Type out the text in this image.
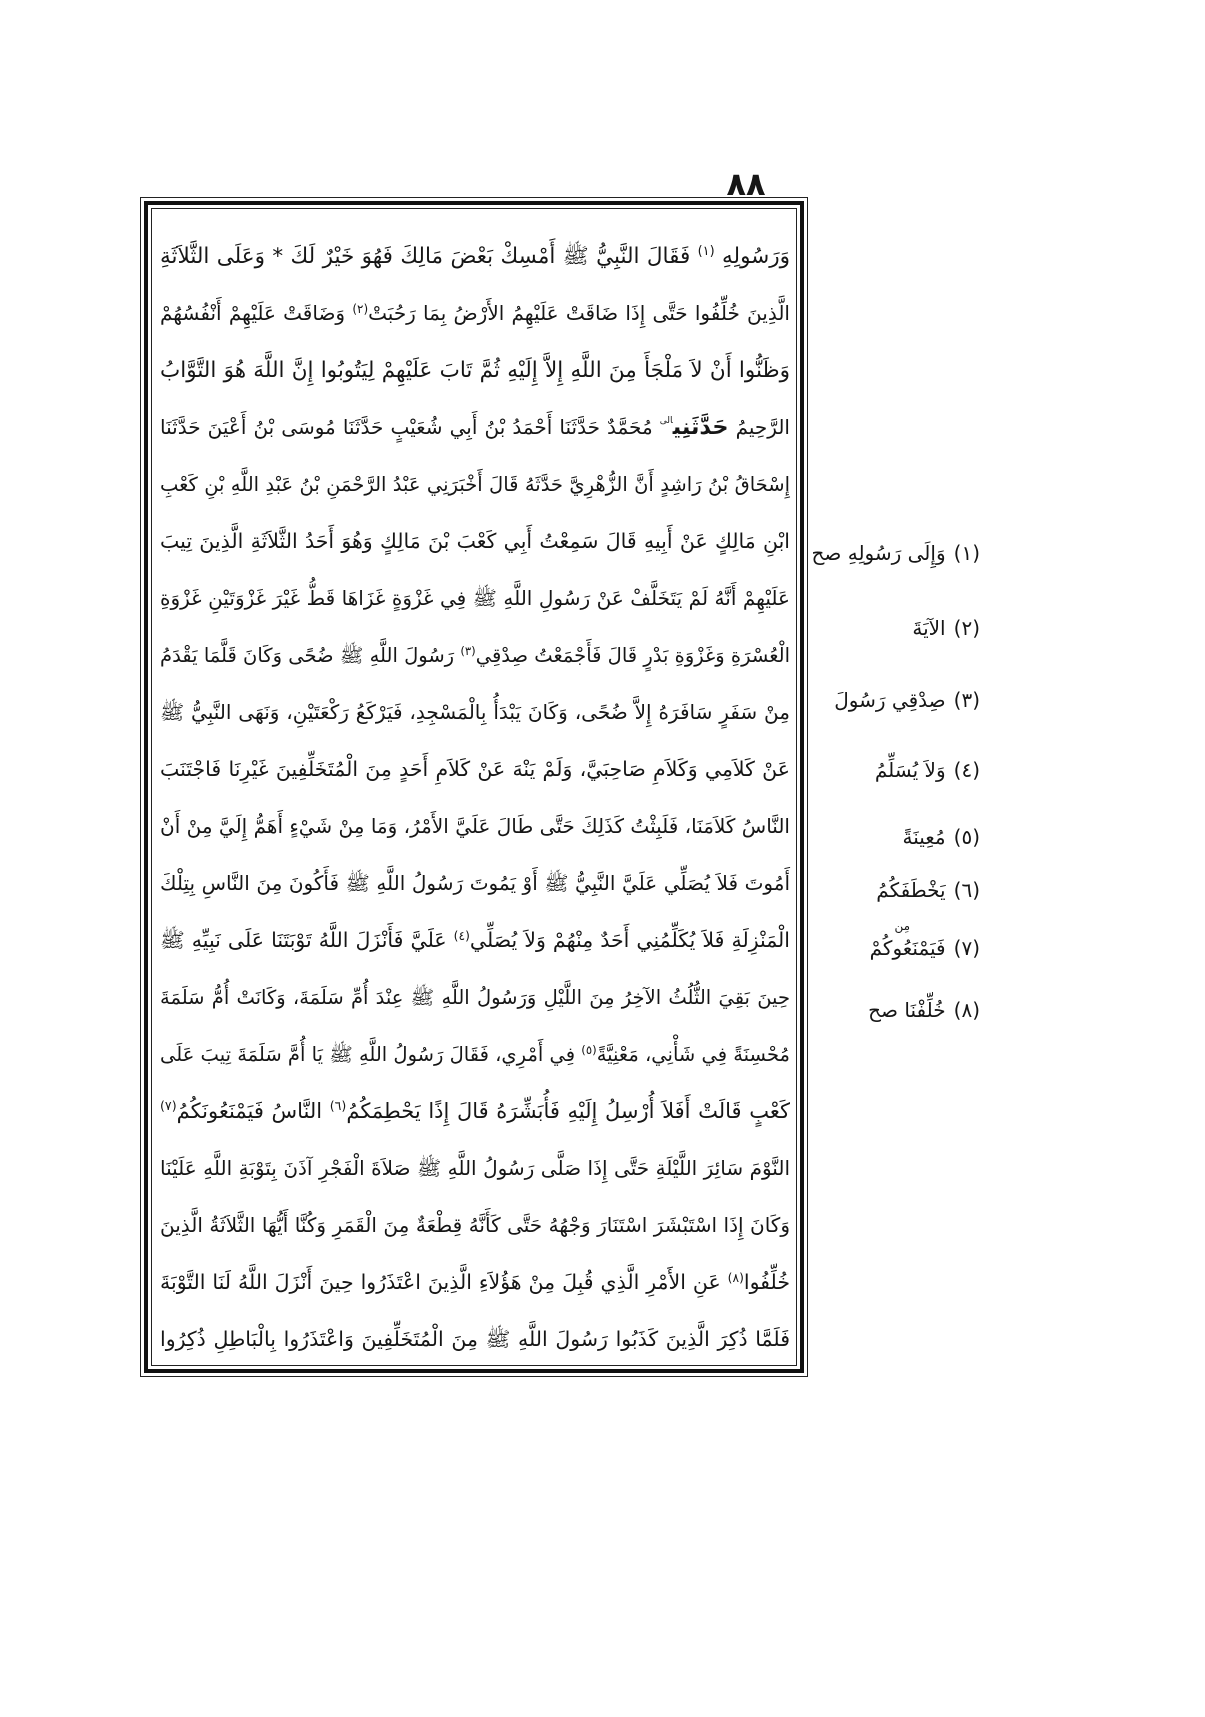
٨٨
وَرَسُولِهِ $^{(١)}$ فَقَالَ النَّبِيُّ ﷺ أَمْسِكْ بَعْضَ مَالِكَ فَهُوَ خَيْرٌ لَكَ * وَعَلَى الثَّلاَثَةِ
الَّذِينَ خُلِّفُوا حَتَّى إِذَا ضَاقَتْ عَلَيْهِمُ الأَرْضُ بِمَا رَحُبَتْ$^{(٢)}$ وَضَاقَتْ عَلَيْهِمْ أَنْفُسُهُمْ
وَظَنُّوا أَنْ لاَ مَلْجَأَ مِنَ اللَّهِ إِلاَّ إِلَيْهِ ثُمَّ تَابَ عَلَيْهِمْ لِيَتُوبُوا إِنَّ اللَّهَ هُوَ التَّوَّابُ
الرَّحِيمُ حَدَّثَنِي$^{الى}$ مُحَمَّدٌ حَدَّثَنَا أَحْمَدُ بْنُ أَبِي شُعَيْبٍ حَدَّثَنَا مُوسَى بْنُ أَعْيَنَ حَدَّثَنَا
إِسْحَاقُ بْنُ رَاشِدٍ أَنَّ الزُّهْرِيَّ حَدَّثَهُ قَالَ أَخْبَرَنِي عَبْدُ الرَّحْمَنِ بْنُ عَبْدِ اللَّهِ بْنِ كَعْبِ
ابْنِ مَالِكٍ عَنْ أَبِيهِ قَالَ سَمِعْتُ أَبِي كَعْبَ بْنَ مَالِكٍ وَهُوَ أَحَدُ الثَّلاَثَةِ الَّذِينَ تِيبَ
عَلَيْهِمْ أَنَّهُ لَمْ يَتَخَلَّفْ عَنْ رَسُولِ اللَّهِ ﷺ فِي غَزْوَةٍ غَزَاهَا قَطُّ غَيْرَ غَزْوَتَيْنِ غَزْوَةِ
الْعُسْرَةِ وَغَزْوَةِ بَدْرٍ قَالَ فَأَجْمَعْتُ صِدْقِي$^{(٣)}$ رَسُولَ اللَّهِ ﷺ ضُحًى وَكَانَ قَلَّمَا يَقْدَمُ
مِنْ سَفَرٍ سَافَرَهُ إِلاَّ ضُحًى، وَكَانَ يَبْدَأُ بِالْمَسْجِدِ، فَيَرْكَعُ رَكْعَتَيْنِ، وَنَهَى النَّبِيُّ ﷺ
عَنْ كَلاَمِي وَكَلاَمِ صَاحِبَيَّ، وَلَمْ يَنْهَ عَنْ كَلاَمِ أَحَدٍ مِنَ الْمُتَخَلِّفِينَ غَيْرِنَا فَاجْتَنَبَ
النَّاسُ كَلاَمَنَا، فَلَبِثْتُ كَذَلِكَ حَتَّى طَالَ عَلَيَّ الأَمْرُ، وَمَا مِنْ شَيْءٍ أَهَمُّ إِلَيَّ مِنْ أَنْ
أَمُوتَ فَلاَ يُصَلِّي عَلَيَّ النَّبِيُّ ﷺ أَوْ يَمُوتَ رَسُولُ اللَّهِ ﷺ فَأَكُونَ مِنَ النَّاسِ بِتِلْكَ
الْمَنْزِلَةِ فَلاَ يُكَلِّمُنِي أَحَدٌ مِنْهُمْ وَلاَ يُصَلِّي$^{(٤)}$ عَلَيَّ فَأَنْزَلَ اللَّهُ تَوْبَتَنَا عَلَى نَبِيِّهِ ﷺ
حِينَ بَقِيَ الثُّلُثُ الآخِرُ مِنَ اللَّيْلِ وَرَسُولُ اللَّهِ ﷺ عِنْدَ أُمِّ سَلَمَةَ، وَكَانَتْ أُمُّ سَلَمَةَ
مُحْسِنَةً فِي شَأْنِي، مَعْنِيَّةً$^{(٥)}$ فِي أَمْرِي، فَقَالَ رَسُولُ اللَّهِ ﷺ يَا أُمَّ سَلَمَةَ تِيبَ عَلَى
كَعْبٍ قَالَتْ أَفَلاَ أُرْسِلُ إِلَيْهِ فَأُبَشِّرَهُ قَالَ إِذًا يَحْطِمَكُمُ$^{(٦)}$ النَّاسُ فَيَمْنَعُونَكُمُ$^{(٧)}$
النَّوْمَ سَائِرَ اللَّيْلَةِ حَتَّى إِذَا صَلَّى رَسُولُ اللَّهِ ﷺ صَلاَةَ الْفَجْرِ آذَنَ بِتَوْبَةِ اللَّهِ عَلَيْنَا
وَكَانَ إِذَا اسْتَبْشَرَ اسْتَنَارَ وَجْهُهُ حَتَّى كَأَنَّهُ قِطْعَةٌ مِنَ الْقَمَرِ وَكُنَّا أَيُّهَا الثَّلاَثَةُ الَّذِينَ
خُلِّفُوا$^{(٨)}$ عَنِ الأَمْرِ الَّذِي قُبِلَ مِنْ هَؤُلاَءِ الَّذِينَ اعْتَذَرُوا حِينَ أَنْزَلَ اللَّهُ لَنَا التَّوْبَةَ
فَلَمَّا ذُكِرَ الَّذِينَ كَذَبُوا رَسُولَ اللَّهِ ﷺ مِنَ الْمُتَخَلِّفِينَ وَاعْتَذَرُوا بِالْبَاطِلِ ذُكِرُوا
(١)وَإِلَى رَسُولِهِ صح
(٢)الآيَةَ
(٣)صِدْقِي رَسُولَ
(٤)وَلاَ يُسَلِّمُ
(٥)مُعِينَةً
(٦)يَخْطَفَكُمُ
مِن
(٧)فَيَمْنَعُوكُمْ
(٨)خُلِّفْنَا صح
